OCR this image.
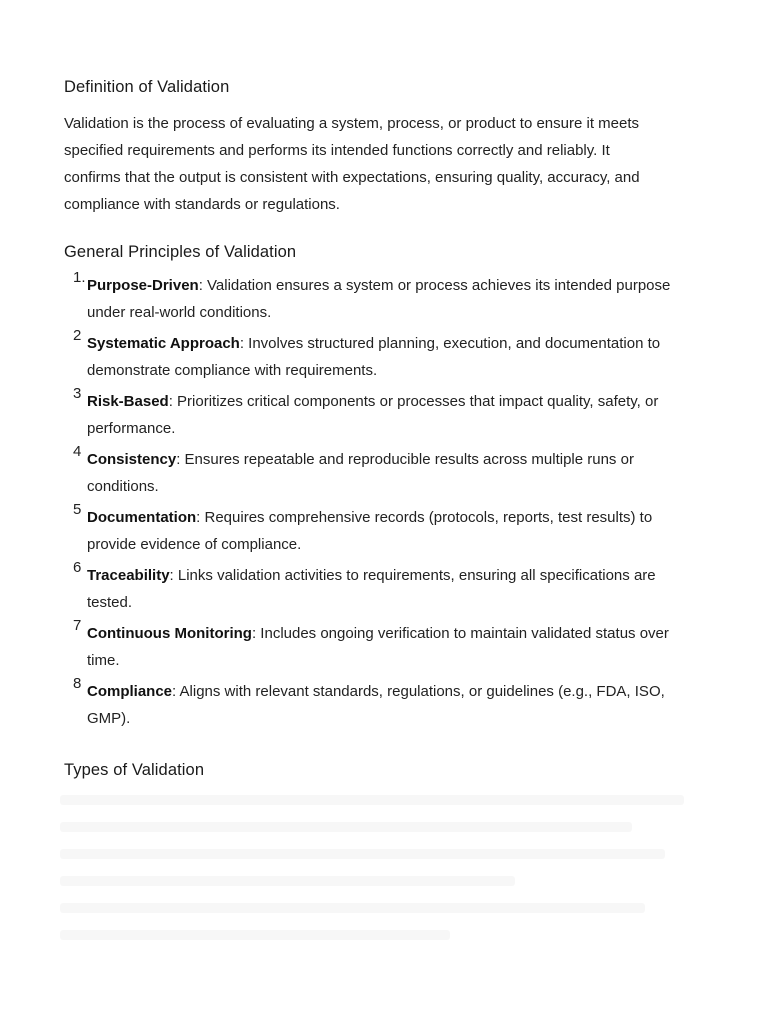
Definition of Validation
Validation is the process of evaluating a system, process, or product to ensure it meets
specified requirements and performs its intended functions correctly and reliably. It
confirms that the output is consistent with expectations, ensuring quality, accuracy, and
compliance with standards or regulations.
General Principles of Validation
1. Purpose-Driven: Validation ensures a system or process achieves its intended purpose
under real-world conditions.
2 Systematic Approach: Involves structured planning, execution, and documentation to
demonstrate compliance with requirements.
3 Risk-Based: Prioritizes critical components or processes that impact quality, safety, or
performance.
4 Consistency: Ensures repeatable and reproducible results across multiple runs or
conditions.
5 Documentation: Requires comprehensive records (protocols, reports, test results) to
provide evidence of compliance.
6 Traceability: Links validation activities to requirements, ensuring all specifications are
tested.
7 Continuous Monitoring: Includes ongoing verification to maintain validated status over
time.
8 Compliance: Aligns with relevant standards, regulations, or guidelines (e.g., FDA, ISO,
GMP).
Types of Validation
